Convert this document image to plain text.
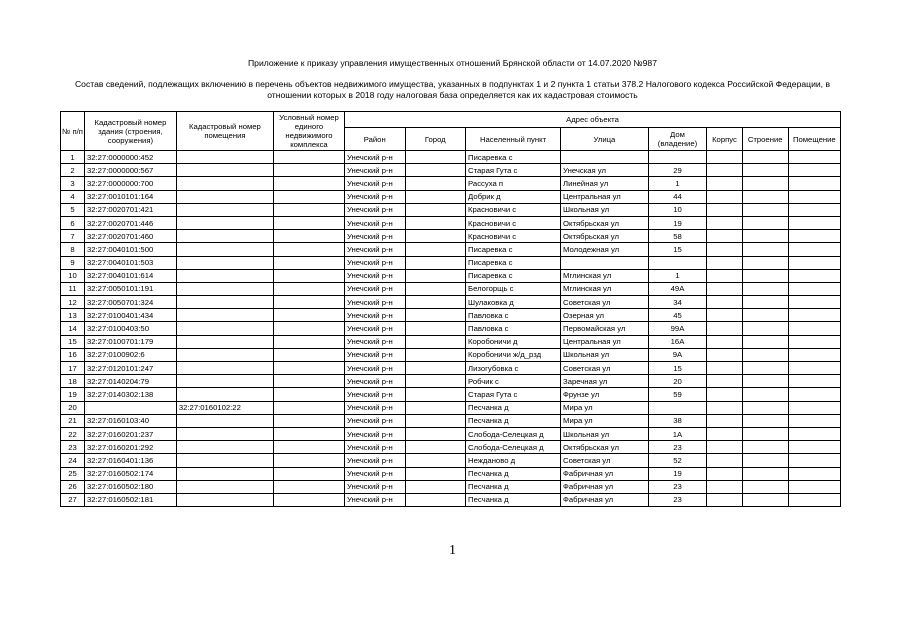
Приложение к приказу управления имущественных отношений Брянской области от 14.07.2020 №987
Состав сведений, подлежащих включению в перечень объектов недвижимого имущества, указанных в подпунктах 1 и 2 пункта 1 статьи 378.2 Налогового кодекса Российской Федерации, в
отношении которых в 2018 году налоговая база определяется как их кадастровая стоимость
№ п/п	Кадастровый номер здания (строения, сооружения)	Кадастровый номер помещения	Условный номер единого недвижимого комплекса	Адрес объекта							
				Район	Город	Населенный пункт	Улица	Дом (владение)	Корпус	Строение	Помещение
1	32:27:0000000:452			Унечский р-н		Писаревка с					
2	32:27:0000000:567			Унечский р-н		Старая Гута с	Унечская ул	29			
3	32:27:0000000:700			Унечский р-н		Рассуха п	Линейная ул	1			
4	32:27:0010101:164			Унечский р-н		Добрик д	Центральная ул	44			
5	32:27:0020701:421			Унечский р-н		Красновичи с	Школьная ул	10			
6	32:27:0020701:446			Унечский р-н		Красновичи с	Октябрьская ул	19			
7	32:27:0020701:460			Унечский р-н		Красновичи с	Октябрьская ул	58			
8	32:27:0040101:500			Унечский р-н		Писаревка с	Молодежная ул	15			
9	32:27:0040101:503			Унечский р-н		Писаревка с					
10	32:27:0040101:614			Унечский р-н		Писаревка с	Мглинская ул	1			
11	32:27:0050101:191			Унечский р-н		Белогорщь с	Мглинская ул	49А			
12	32:27:0050701:324			Унечский р-н		Шулаковка д	Советская ул	34			
13	32:27:0100401:434			Унечский р-н		Павловка с	Озерная ул	45			
14	32:27:0100403:50			Унечский р-н		Павловка с	Первомайская ул	99А			
15	32:27:0100701:179			Унечский р-н		Коробоничи д	Центральная ул	16А			
16	32:27:0100902:6			Унечский р-н		Коробоничи ж/д_рзд	Школьная ул	9А			
17	32:27:0120101:247			Унечский р-н		Лизогубовка с	Советская ул	15			
18	32:27:0140204:79			Унечский р-н		Робчик с	Заречная ул	20			
19	32:27:0140302:138			Унечский р-н		Старая Гута с	Фрунзе ул	59			
20		32:27:0160102:22		Унечский р-н		Песчанка д	Мира ул				
21	32:27:0160103:40			Унечский р-н		Песчанка д	Мира ул	38			
22	32:27:0160201:237			Унечский р-н		Слобода-Селецкая д	Школьная ул	1А			
23	32:27:0160201:292			Унечский р-н		Слобода-Селецкая д	Октябрьская ул	23			
24	32:27:0160401:136			Унечский р-н		Нежданово д	Советская ул	52			
25	32:27:0160502:174			Унечский р-н		Песчанка д	Фабричная ул	19			
26	32:27:0160502:180			Унечский р-н		Песчанка д	Фабричная ул	23			
27	32:27:0160502:181			Унечский р-н		Песчанка д	Фабричная ул	23			
1
